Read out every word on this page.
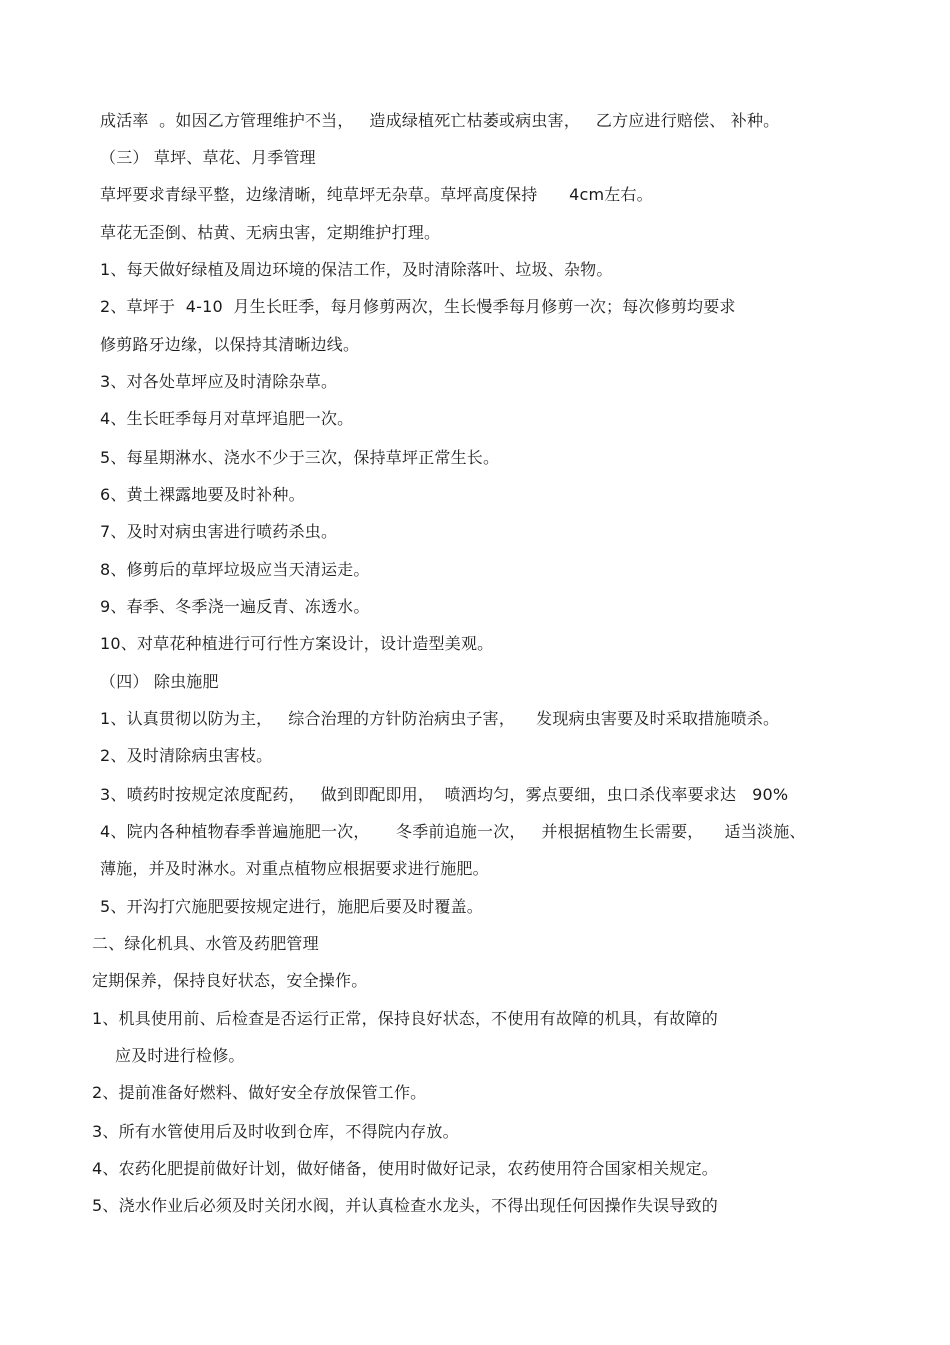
成活率  。如因乙方管理维护不当，   造成绿植死亡枯萎或病虫害，   乙方应进行赔偿、 补种。
（三） 草坪、草花、月季管理
草坪要求青绿平整，边缘清晰，纯草坪无杂草。草坪高度保持      4cm左右。
草花无歪倒、枯黄、无病虫害，定期维护打理。
1、每天做好绿植及周边环境的保洁工作，及时清除落叶、垃圾、杂物。
2、草坪于  4-10  月生长旺季，每月修剪两次，生长慢季每月修剪一次；每次修剪均要求
修剪路牙边缘，以保持其清晰边线。
3、对各处草坪应及时清除杂草。
4、生长旺季每月对草坪追肥一次。
5、每星期淋水、浇水不少于三次，保持草坪正常生长。
6、黄土裸露地要及时补种。
7、及时对病虫害进行喷药杀虫。
8、修剪后的草坪垃圾应当天清运走。
9、春季、冬季浇一遍反青、冻透水。
10、对草花种植进行可行性方案设计，设计造型美观。
（四） 除虫施肥
1、认真贯彻以防为主，   综合治理的方针防治病虫子害，    发现病虫害要及时采取措施喷杀。
2、及时清除病虫害枝。
3、喷药时按规定浓度配药，   做到即配即用，  喷洒均匀，雾点要细，虫口杀伐率要求达   90%
4、院内各种植物春季普遍施肥一次，     冬季前追施一次，   并根据植物生长需要，    适当淡施、
薄施，并及时淋水。对重点植物应根据要求进行施肥。
5、开沟打穴施肥要按规定进行，施肥后要及时覆盖。
二、绿化机具、水管及药肥管理
定期保养，保持良好状态，安全操作。
1、机具使用前、后检查是否运行正常，保持良好状态，不使用有故障的机具，有故障的
应及时进行检修。
2、提前准备好燃料、做好安全存放保管工作。
3、所有水管使用后及时收到仓库，不得院内存放。
4、农药化肥提前做好计划，做好储备，使用时做好记录，农药使用符合国家相关规定。
5、浇水作业后必须及时关闭水阀，并认真检查水龙头，不得出现任何因操作失误导致的
